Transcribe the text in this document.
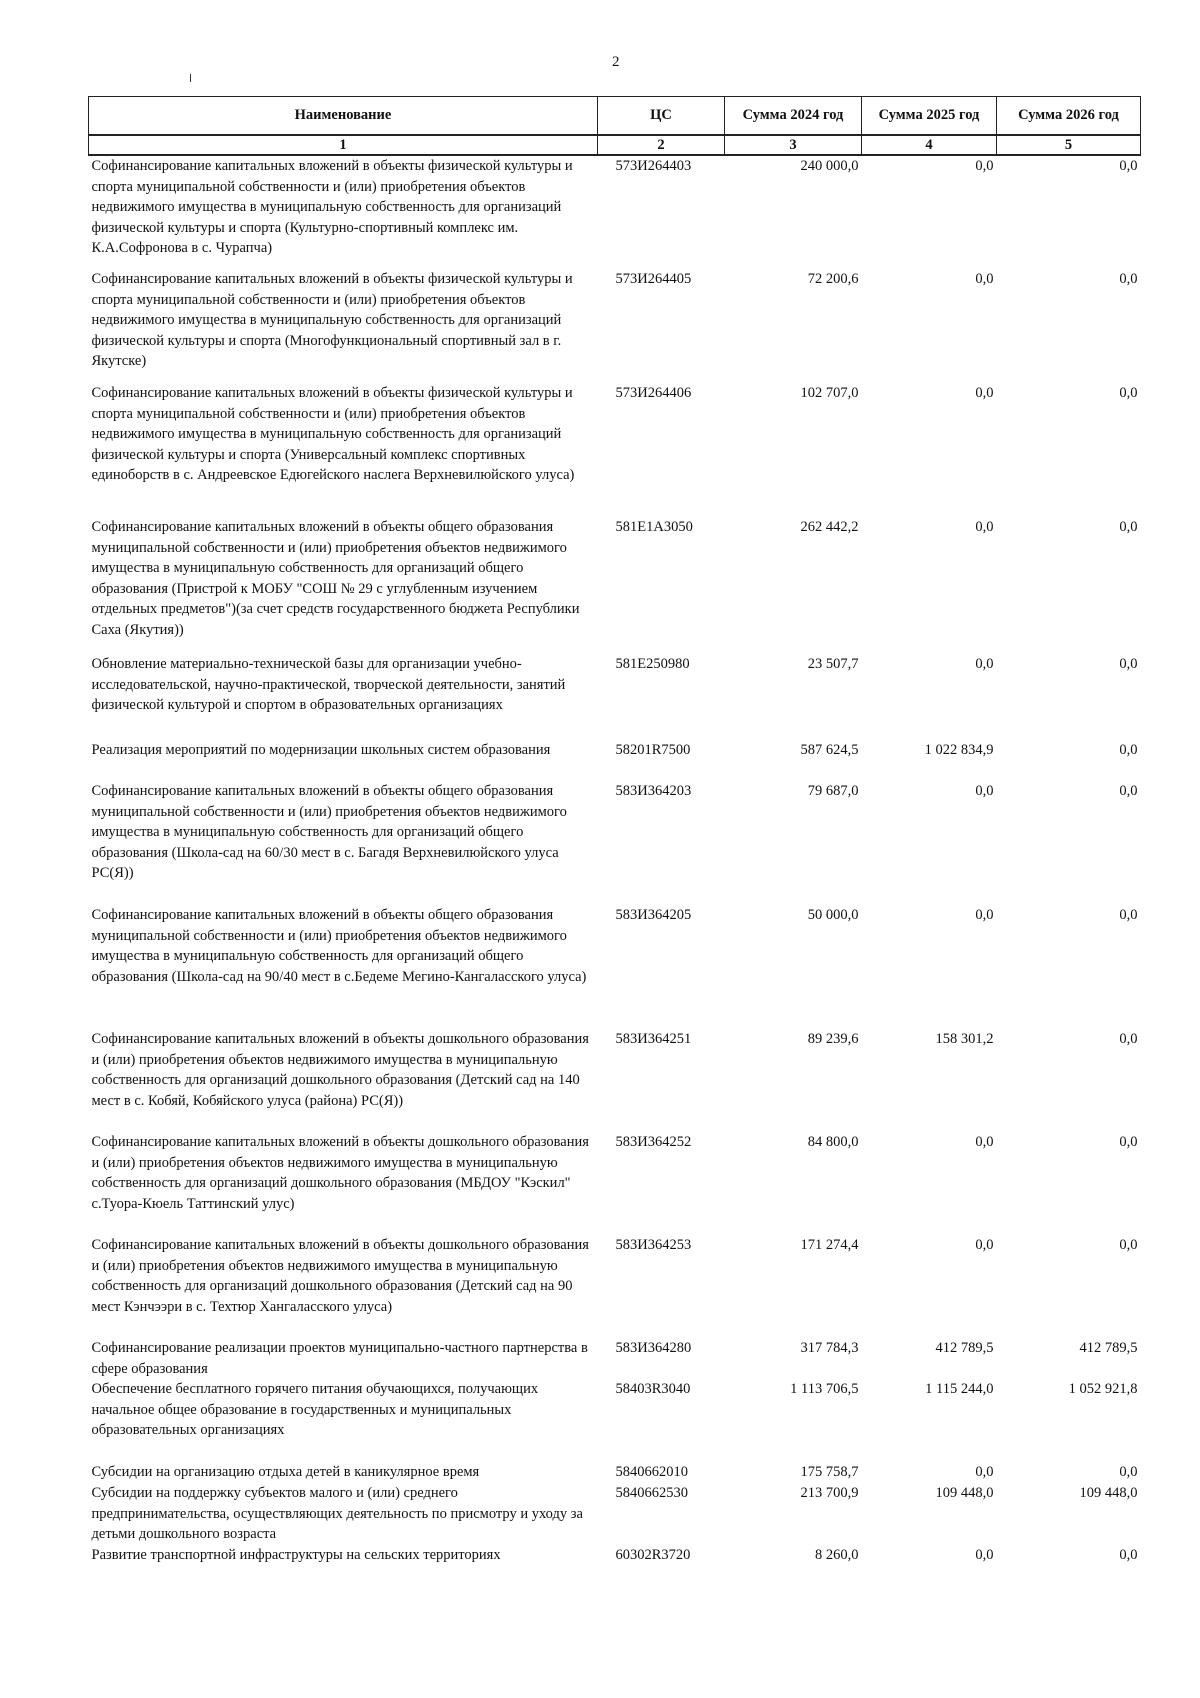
2
Наименование	ЦС	Сумма 2024 год	Сумма 2025 год	Сумма 2026 год
1	2	3	4	5
Софинансирование капитальных вложений в объекты физической культуры и спорта муниципальной собственности и (или) приобретения объектов недвижимого имущества в муниципальную собственность для организаций физической культуры и спорта (Культурно-спортивный комплекс им. К.А.Софронова в с. Чурапча)	573И264403	240 000,0	0,0	0,0
Софинансирование капитальных вложений в объекты физической культуры и спорта муниципальной собственности и (или) приобретения объектов недвижимого имущества в муниципальную собственность для организаций физической культуры и спорта (Многофункциональный спортивный зал в г. Якутске)	573И264405	72 200,6	0,0	0,0
Софинансирование капитальных вложений в объекты физической культуры и спорта муниципальной собственности и (или) приобретения объектов недвижимого имущества в муниципальную собственность для организаций физической культуры и спорта (Универсальный комплекс спортивных единоборств в с. Андреевское Едюгейского наслега Верхневилюйского улуса)	573И264406	102 707,0	0,0	0,0
Софинансирование капитальных вложений в объекты общего образования муниципальной собственности и (или) приобретения объектов недвижимого имущества в муниципальную собственность для организаций общего образования (Пристрой к МОБУ "СОШ № 29 с углубленным изучением отдельных предметов")(за счет средств государственного бюджета Республики Саха (Якутия))	581Е1А3050	262 442,2	0,0	0,0
Обновление материально-технической базы для организации учебно-исследовательской, научно-практической, творческой деятельности, занятий физической культурой и спортом в образовательных организациях	581Е250980	23 507,7	0,0	0,0
Реализация мероприятий по модернизации школьных систем образования	58201R7500	587 624,5	1 022 834,9	0,0
Софинансирование капитальных вложений в объекты общего образования муниципальной собственности и (или) приобретения объектов недвижимого имущества в муниципальную собственность для организаций общего образования (Школа-сад на 60/30 мест в с. Багадя Верхневилюйского улуса РС(Я))	583И364203	79 687,0	0,0	0,0
Софинансирование капитальных вложений в объекты общего образования муниципальной собственности и (или) приобретения объектов недвижимого имущества в муниципальную собственность для организаций общего образования (Школа-сад на 90/40 мест в с.Бедеме Мегино-Кангаласского улуса)	583И364205	50 000,0	0,0	0,0
Софинансирование капитальных вложений в объекты дошкольного образования и (или) приобретения объектов недвижимого имущества в муниципальную собственность для организаций дошкольного образования (Детский сад на 140 мест в с. Кобяй, Кобяйского улуса (района) РС(Я))	583И364251	89 239,6	158 301,2	0,0
Софинансирование капитальных вложений в объекты дошкольного образования и (или) приобретения объектов недвижимого имущества в муниципальную собственность для организаций дошкольного образования (МБДОУ "Кэскил" с.Туора-Кюель Таттинский улус)	583И364252	84 800,0	0,0	0,0
Софинансирование капитальных вложений в объекты дошкольного образования и (или) приобретения объектов недвижимого имущества в муниципальную собственность для организаций дошкольного образования (Детский сад на 90 мест Кэнчээри в с. Техтюр Хангаласского улуса)	583И364253	171 274,4	0,0	0,0
Софинансирование реализации проектов муниципально-частного партнерства в сфере образования	583И364280	317 784,3	412 789,5	412 789,5
Обеспечение бесплатного горячего питания обучающихся, получающих начальное общее образование в государственных и муниципальных образовательных организациях	58403R3040	1 113 706,5	1 115 244,0	1 052 921,8
Субсидии на организацию отдыха детей в каникулярное время	5840662010	175 758,7	0,0	0,0
Субсидии на поддержку субъектов малого и (или) среднего предпринимательства, осуществляющих деятельность по присмотру и уходу за детьми дошкольного возраста	5840662530	213 700,9	109 448,0	109 448,0
Развитие транспортной инфраструктуры на сельских территориях	60302R3720	8 260,0	0,0	0,0
